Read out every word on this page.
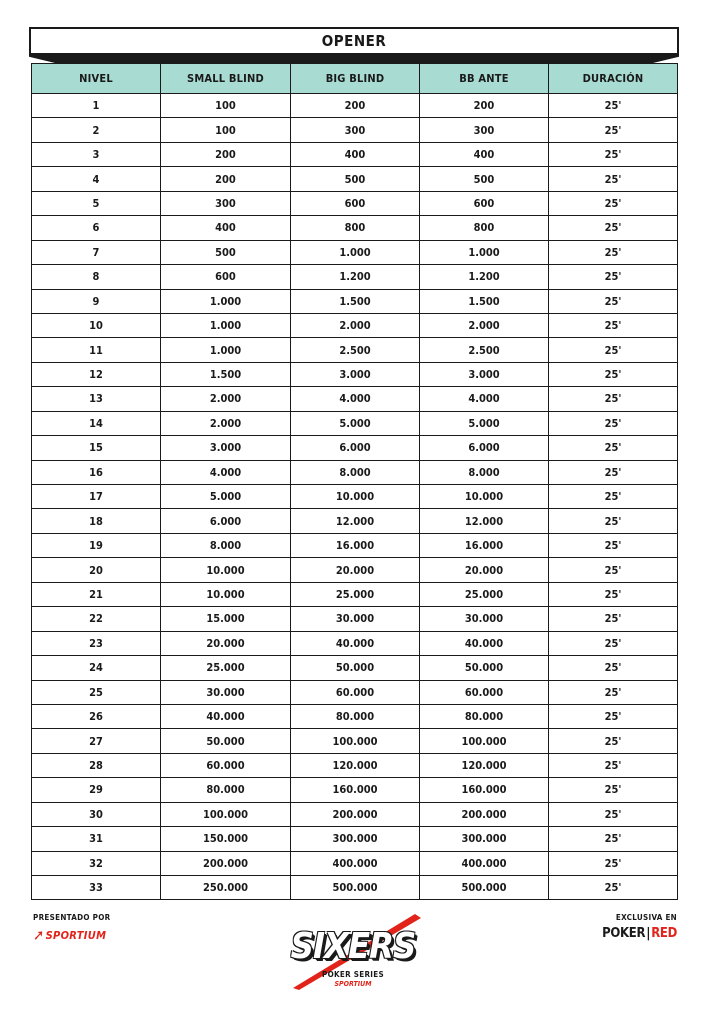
OPENER
NIVEL	SMALL BLIND	BIG BLIND	BB ANTE	DURACIÓN
1	100	200	200	25'
2	100	300	300	25'
3	200	400	400	25'
4	200	500	500	25'
5	300	600	600	25'
6	400	800	800	25'
7	500	1.000	1.000	25'
8	600	1.200	1.200	25'
9	1.000	1.500	1.500	25'
10	1.000	2.000	2.000	25'
11	1.000	2.500	2.500	25'
12	1.500	3.000	3.000	25'
13	2.000	4.000	4.000	25'
14	2.000	5.000	5.000	25'
15	3.000	6.000	6.000	25'
16	4.000	8.000	8.000	25'
17	5.000	10.000	10.000	25'
18	6.000	12.000	12.000	25'
19	8.000	16.000	16.000	25'
20	10.000	20.000	20.000	25'
21	10.000	25.000	25.000	25'
22	15.000	30.000	30.000	25'
23	20.000	40.000	40.000	25'
24	25.000	50.000	50.000	25'
25	30.000	60.000	60.000	25'
26	40.000	80.000	80.000	25'
27	50.000	100.000	100.000	25'
28	60.000	120.000	120.000	25'
29	80.000	160.000	160.000	25'
30	100.000	200.000	200.000	25'
31	150.000	300.000	300.000	25'
32	200.000	400.000	400.000	25'
33	250.000	500.000	500.000	25'
PRESENTADO POR
➚ SPORTIUM	SIXERS
POKER SERIES
SPORTIUM
EXCLUSIVA EN
POKER|RED
